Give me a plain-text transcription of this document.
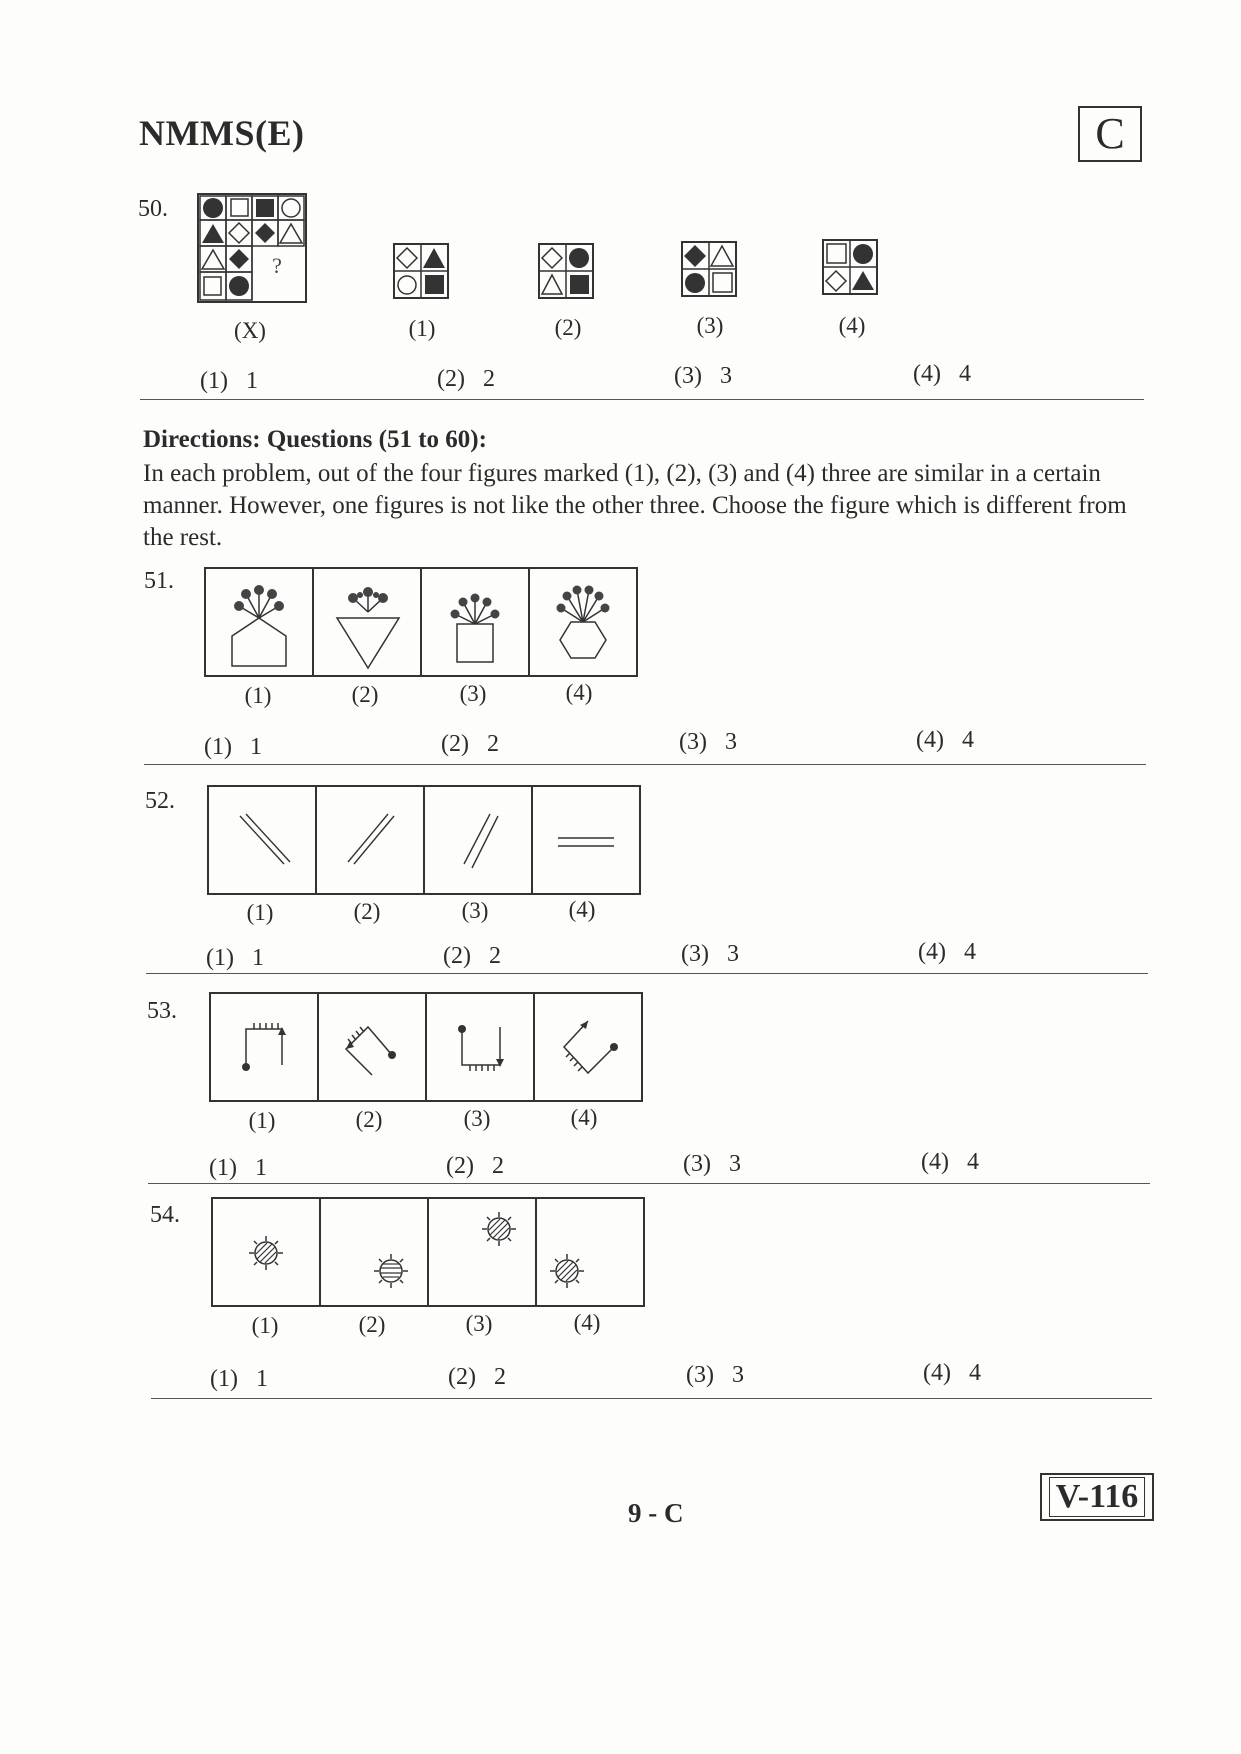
NMMS(E)	C
50.
?
(X)	(1)	(2)	(3)	(4)
(1) 1	(2) 2	(3) 3	(4) 4
Directions: Questions (51 to 60):
In each problem, out of the four figures marked (1), (2), (3) and (4) three are similar in a certain manner. However, one figures is not like the other three. Choose the figure which is different from the rest.
51.
(1)	(2)	(3)	(4)
(1) 1	(2) 2	(3) 3	(4) 4
52.
(1)	(2)	(3)	(4)
(1) 1	(2) 2	(3) 3	(4) 4
53.
(1)	(2)	(3)	(4)
(1) 1	(2) 2	(3) 3	(4) 4
54.
(1)	(2)	(3)	(4)
(1) 1	(2) 2	(3) 3	(4) 4
9 - C	V-116
